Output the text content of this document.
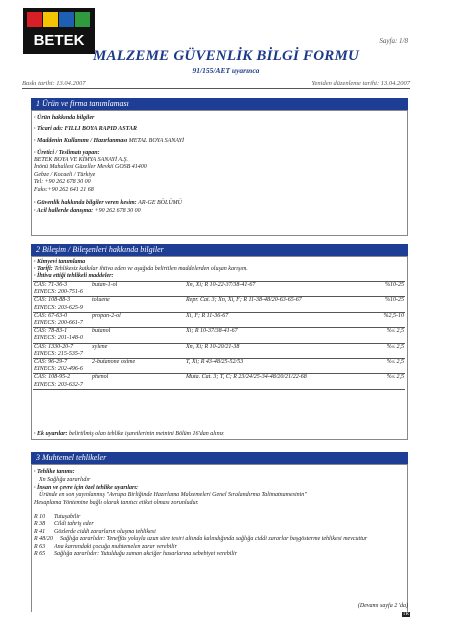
BETEK	Sayfa: 1/8
MALZEME GÜVENLİK BİLGİ FORMU
91/155/AET uyarınca
Baskı tarihi: 13.04.2007	Yeniden düzenleme tarihi: 13.04.2007
1 Ürün ve firma tanımlaması
· Ürün hakkında bilgiler
· Ticari adı: FILLI BOYA RAPID ASTAR
· Maddenin Kullanımı / Hazırlanması METAL BOYA SANAYİ
· Üretici / Teslimatı yapan:
BETEK BOYA VE KİMYA SANAYİ A.Ş.
İnönü Mahallesi Güzeller Mevkii GOSB 41400
Gebze / Kocaeli / Türkiye
Tel: +90 262 678 30 00
Faks:+90 262 641 21 68
· Güvenlik hakkında bilgiler veren kesim: AR-GE BÖLÜMÜ
· Acil hallerde danışma: +90 262 678 30 00
2 Bileşim / Bileşenleri hakkında bilgiler
· Kimyevi tanımlama
· Tarifi: Tehlikesiz katkılar ihtiva eden ve aşağıda belirtilen maddelerden oluşan karışım.
· İhtiva ettiği tehlikeli maddeler:
CAS: 71-36-3	butan-1-ol	Xn, Xi; R 10-22-37/38-41-67	%10-25
EINECS: 200-751-6			
CAS: 108-88-3	toluene	Repr. Cat. 3; Xn, Xi, F; R 11-38-48/20-63-65-67	%10-25
EINECS: 203-625-9			
CAS: 67-63-0	propan-2-ol	Xi, F; R 11-36-67	%2,5-10
EINECS: 200-661-7			
CAS: 78-83-1	butanol	Xi; R 10-37/38-41-67	%≤ 2,5
EINECS: 201-148-0			
CAS: 1330-20-7	xylene	Xn, Xi; R 10-20/21-38	%≤ 2,5
EINECS: 215-535-7			
CAS: 96-29-7	2-butanone oxime	T, Xi; R 43-48/25-52/53	%≤ 2,5
EINECS: 202-496-6			
CAS: 108-95-2	phenol	Muta. Cat. 3; T, C; R 23/24/25-34-48/20/21/22-68	%≤ 2,5
EINECS: 203-632-7			
· Ek uyarılar: belirtilmiş olan tehlike işaretlerinin metnini Bölüm 16'dan alınız
3 Muhtemel tehlikeler
· Tehlike tanımı:
Xn Sağlığa zararlıdır
· İnsan ve çevre için özel tehlike uyarıları:
Üründe en son yayınlanmış "Avrupa Birliğinde Hazırlama Malzemeleri Genel Sıralandırma Talimatnamesinin"
Hesaplama Yöntemine bağlı olarak tanıtıcı etiket olması zorunludur.
R 10	Tutuşabilir
R 38	Cildi tahriş eder
R 41	Gözlerde ciddi zararların oluşma tehlikesi
R 48/20	Sağlığa zararlıdır: Teneffüs yoluyla uzun süre tesiri altında kalındığında sağlığa ciddi zararlar başgösterme tehlikesi mevcuttur
R 63	Ana karnındaki çocuğa muhtemelen zarar verebilir
R 65	Sağlığa zararlıdır: Yutulduğu zaman akciğer hasarlarına sebebiyet verebilir
(Devamı sayfa 2 'da)
TR
